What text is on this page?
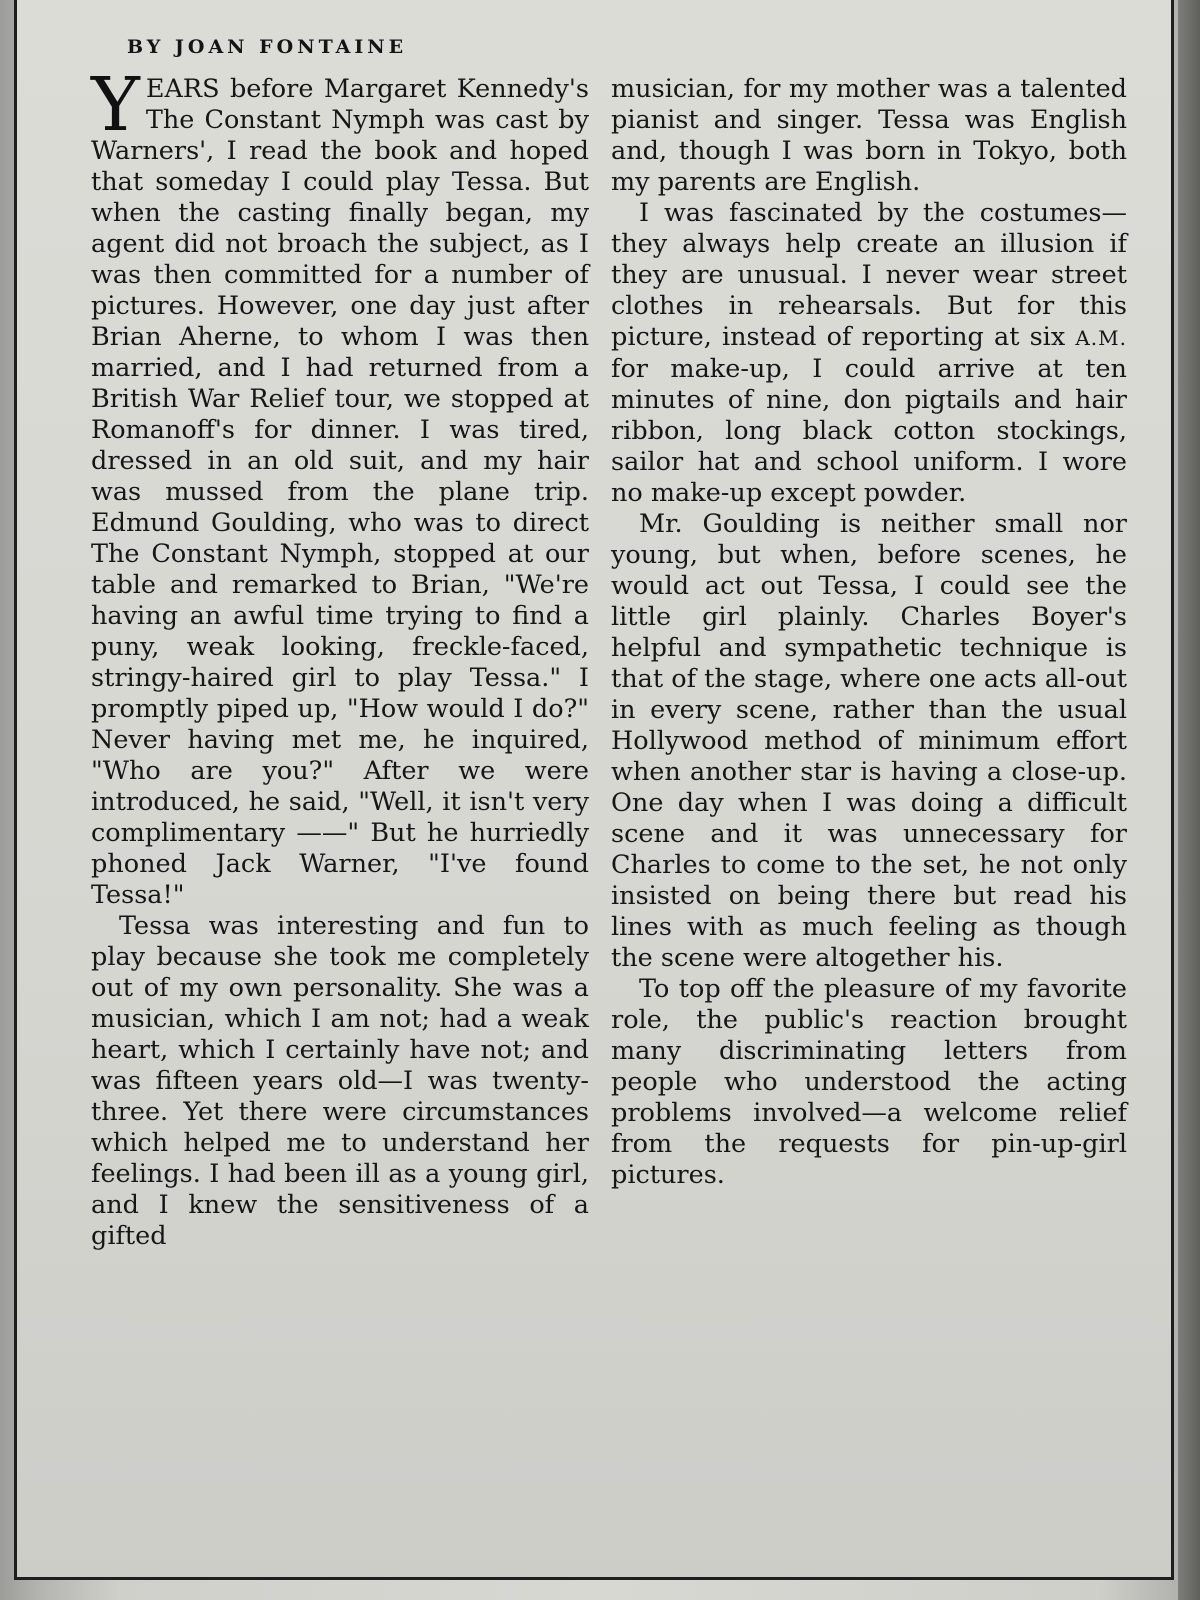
BY JOAN FONTAINE

YEARS before Margaret Kennedy's The Constant Nymph was cast by Warners', I read the book and hoped that someday I could play Tessa. But when the casting finally began, my agent did not broach the subject, as I was then committed for a number of pictures. However, one day just after Brian Aherne, to whom I was then married, and I had returned from a British War Relief tour, we stopped at Romanoff's for dinner. I was tired, dressed in an old suit, and my hair was mussed from the plane trip. Edmund Goulding, who was to direct The Constant Nymph, stopped at our table and remarked to Brian, "We're having an awful time trying to find a puny, weak looking, freckle-faced, stringy-haired girl to play Tessa." I promptly piped up, "How would I do?" Never having met me, he inquired, "Who are you?" After we were introduced, he said, "Well, it isn't very complimentary ——" But he hurriedly phoned Jack Warner, "I've found Tessa!"

Tessa was interesting and fun to play because she took me completely out of my own personality. She was a musician, which I am not; had a weak heart, which I certainly have not; and was fifteen years old—I was twenty-three. Yet there were circumstances which helped me to understand her feelings. I had been ill as a young girl, and I knew the sensitiveness of a gifted

musician, for my mother was a talented pianist and singer. Tessa was English and, though I was born in Tokyo, both my parents are English.

I was fascinated by the costumes—they always help create an illusion if they are unusual. I never wear street clothes in rehearsals. But for this picture, instead of reporting at six A.M. for make-up, I could arrive at ten minutes of nine, don pigtails and hair ribbon, long black cotton stockings, sailor hat and school uniform. I wore no make-up except powder.

Mr. Goulding is neither small nor young, but when, before scenes, he would act out Tessa, I could see the little girl plainly. Charles Boyer's helpful and sympathetic technique is that of the stage, where one acts all-out in every scene, rather than the usual Hollywood method of minimum effort when another star is having a close-up. One day when I was doing a difficult scene and it was unnecessary for Charles to come to the set, he not only insisted on being there but read his lines with as much feeling as though the scene were altogether his.

To top off the pleasure of my favorite role, the public's reaction brought many discriminating letters from people who understood the acting problems involved—a welcome relief from the requests for pin-up-girl pictures.
